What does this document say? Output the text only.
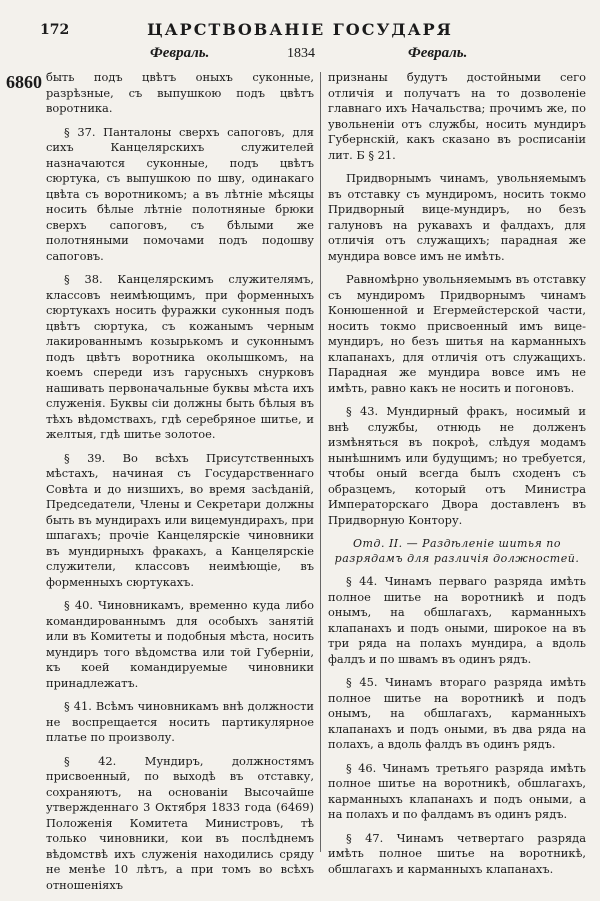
172	ЦАРСТВОВАНІЕ ГОСУДАРЯ
Февраль.	1834	Февраль.
6860 быть подъ цвѣтъ оныхъ суконные, разрѣзные, съ выпушкою подъ цвѣтъ воротника.

§ 37. Панталоны сверхъ сапоговъ, для сихъ Канцелярскихъ служителей назначаются суконные, подъ цвѣтъ сюртука, съ выпушкою по шву, одинакаго цвѣта съ воротникомъ; а въ лѣтніе мѣсяцы носить бѣлые лѣтніе полотняные брюки сверхъ сапоговъ, съ бѣлыми же полотняными помочами подъ подошву сапоговъ.

§ 38. Канцелярскимъ служителямъ, классовъ неимѣющимъ, при форменныхъ сюртукахъ носить фуражки суконныя подъ цвѣтъ сюртука, съ кожанымъ черным лакированнымъ козырькомъ и суконнымъ подъ цвѣтъ воротника околышкомъ, на коемъ спереди изъ гарусныхъ снурковъ нашивать первоначальные буквы мѣста ихъ служенія. Буквы сіи должны быть бѣлыя въ тѣхъ вѣдомствахъ, гдѣ серебряное шитье, и желтыя, гдѣ шитье золотое.

§ 39. Во всѣхъ Присутственныхъ мѣстахъ, начиная съ Государственнаго Совѣта и до низшихъ, во время засѣданій, Председатели, Члены и Секретари должны быть въ мундирахъ или вицемундирахъ, при шпагахъ; прочіе Канцелярскіе чиновники въ мундирныхъ фракахъ, а Канцелярскіе служители, классовъ неимѣющіе, въ форменныхъ сюртукахъ.

§ 40. Чиновникамъ, временно куда либо командированнымъ для особыхъ занятій или въ Комитеты и подобныя мѣста, носить мундиръ того вѣдомства или той Губерніи, къ коей командируемые чиновники принадлежатъ.

§ 41. Всѣмъ чиновникамъ внѣ должности не воспрещается носить партикулярное платье по произволу.

§ 42. Мундиръ, должностямъ присвоенный, по выходѣ въ отставку, сохраняютъ, на основаніи Высочайше утвержденнаго 3 Октября 1833 года (6469) Положенія Комитета Министровъ, тѣ только чиновники, кои въ послѣднемъ вѣдомствѣ ихъ служенія находились сряду не менѣе 10 лѣтъ, а при томъ во всѣхъ отношеніяхъ

признаны будутъ достойными сего отличія и получатъ на то дозволеніе главнаго ихъ Начальства; прочимъ же, по увольненіи отъ службы, носить мундиръ Губернскій, какъ сказано въ росписаніи лит. Б § 21.

Придворнымъ чинамъ, увольняемымъ въ отставку съ мундиромъ, носить токмо Придворный вице-мундиръ, но безъ галуновъ на рукавахъ и фалдахъ, для отличія отъ служащихъ; парадная же мундира вовсе имъ не имѣть.

Равномѣрно увольняемымъ въ отставку съ мундиромъ Придворнымъ чинамъ Конюшенной и Егермейстерской части, носить токмо присвоенный имъ вице-мундиръ, но безъ шитья на карманныхъ клапанахъ, для отличія отъ служащихъ. Парадная же мундира вовсе имъ не имѣть, равно какъ не носить и погоновъ.

§ 43. Мундирный фракъ, носимый и внѣ службы, отнюдь не долженъ измѣняться въ покроѣ, слѣдуя модамъ нынѣшнимъ или будущимъ; но требуется, чтобы оный всегда былъ сходенъ съ образцемъ, который отъ Министра Императорскаго Двора доставленъ въ Придворную Контору.

Отд. II. — Раздѣленіе шитья по разрядамъ для различія должностей.

§ 44. Чинамъ перваго разряда имѣть полное шитье на воротникѣ и подъ онымъ, на обшлагахъ, карманныхъ клапанахъ и подъ оными, широкое на въ три ряда на полахъ мундира, а вдоль фалдъ и по швамъ въ одинъ рядъ.

§ 45. Чинамъ втораго разряда имѣть полное шитье на воротникѣ и подъ онымъ, на обшлагахъ, карманныхъ клапанахъ и подъ оными, въ два ряда на полахъ, а вдоль фалдъ въ одинъ рядъ.

§ 46. Чинамъ третьяго разряда имѣть полное шитье на воротникѣ, обшлагахъ, карманныхъ клапанахъ и подъ оными, а на полахъ и по фалдамъ въ одинъ рядъ.

§ 47. Чинамъ четвертаго разряда имѣть полное шитье на воротникѣ, обшлагахъ и карманныхъ клапанахъ.
